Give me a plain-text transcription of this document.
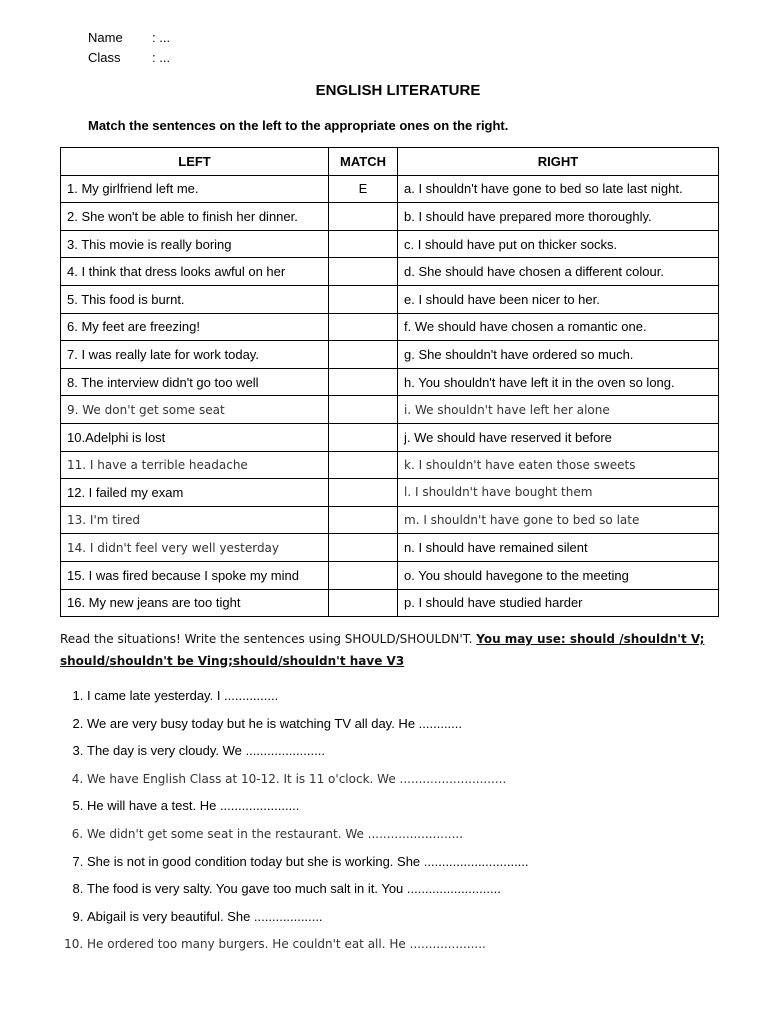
Name	: ...
Class	: ...
ENGLISH LITERATURE
Match the sentences on the left to the appropriate ones on the right.
LEFT	MATCH	RIGHT
1. My girlfriend left me.	E	a. I shouldn't have gone to bed so late last night.
2. She won't be able to finish her dinner.		b. I should have prepared more thoroughly.
3. This movie is really boring		c. I should have put on thicker socks.
4. I think that dress looks awful on her		d. She should have chosen a different colour.
5. This food is burnt.		e. I should have been nicer to her.
6. My feet are freezing!		f. We should have chosen a romantic one.
7. I was really late for work today.		g. She shouldn't have ordered so much.
8. The interview didn't go too well		h. You shouldn't have left it in the oven so long.
9. We don't get some seat		i. We shouldn't have left her alone
10.Adelphi is lost		j. We should have reserved it before
11. I have a terrible headache		k. I shouldn't have eaten those sweets
12. I failed my exam		l. I shouldn't have bought them
13. I'm tired		m. I shouldn't have gone to bed so late
14. I didn't feel very well yesterday		n. I should have remained silent
15. I was fired because I spoke my mind		o. You should havegone to the meeting
16. My new jeans are too tight		p. I should have studied harder
Read the situations! Write the sentences using SHOULD/SHOULDN'T. You may use: should /shouldn't V; should/shouldn't be Ving;should/shouldn't have V3
1. I came late yesterday. I ...............
2. We are very busy today but he is watching TV all day. He ............
3. The day is very cloudy. We ......................
4. We have English Class at 10-12. It is 11 o'clock. We ............................
5. He will have a test. He ......................
6. We didn't get some seat in the restaurant. We .........................
7. She is not in good condition today but she is working. She .............................
8. The food is very salty. You gave too much salt in it. You ..........................
9. Abigail is very beautiful. She ...................
10. He ordered too many burgers. He couldn't eat all. He ....................
